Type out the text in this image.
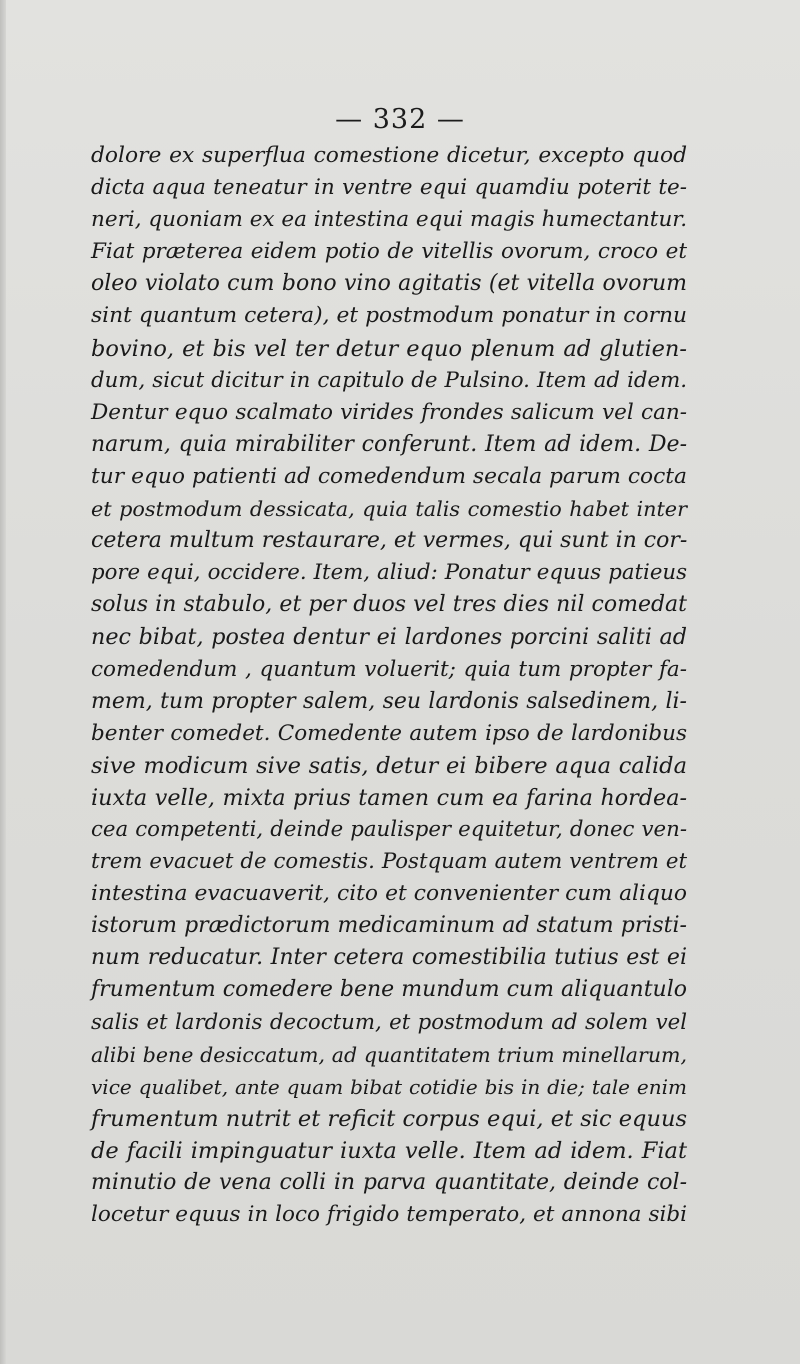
— 332 —
dolore ex superflua comestione dicetur, excepto quod
dicta aqua teneatur in ventre equi quamdiu poterit te-
neri, quoniam ex ea intestina equi magis humectantur.
Fiat præterea eidem potio de vitellis ovorum, croco et
oleo violato cum bono vino agitatis (et vitella ovorum
sint quantum cetera), et postmodum ponatur in cornu
bovino, et bis vel ter detur equo plenum ad glutien-
dum, sicut dicitur in capitulo de Pulsino. Item ad idem.
Dentur equo scalmato virides frondes salicum vel can-
narum, quia mirabiliter conferunt. Item ad idem. De-
tur equo patienti ad comedendum secala parum cocta
et postmodum dessicata, quia talis comestio habet inter
cetera multum restaurare, et vermes, qui sunt in cor-
pore equi, occidere. Item, aliud: Ponatur equus patieus
solus in stabulo, et per duos vel tres dies nil comedat
nec bibat, postea dentur ei lardones porcini saliti ad
comedendum , quantum voluerit; quia tum propter fa-
mem, tum propter salem, seu lardonis salsedinem, li-
benter comedet. Comedente autem ipso de lardonibus
sive modicum sive satis, detur ei bibere aqua calida
iuxta velle, mixta prius tamen cum ea farina hordea-
cea competenti, deinde paulisper equitetur, donec ven-
trem evacuet de comestis. Postquam autem ventrem et
intestina evacuaverit, cito et convenienter cum aliquo
istorum prædictorum medicaminum ad statum pristi-
num reducatur. Inter cetera comestibilia tutius est ei
frumentum comedere bene mundum cum aliquantulo
salis et lardonis decoctum, et postmodum ad solem vel
alibi bene desiccatum, ad quantitatem trium minellarum,
vice qualibet, ante quam bibat cotidie bis in die; tale enim
frumentum nutrit et reficit corpus equi, et sic equus
de facili impinguatur iuxta velle. Item ad idem. Fiat
minutio de vena colli in parva quantitate, deinde col-
locetur equus in loco frigido temperato, et annona sibi
